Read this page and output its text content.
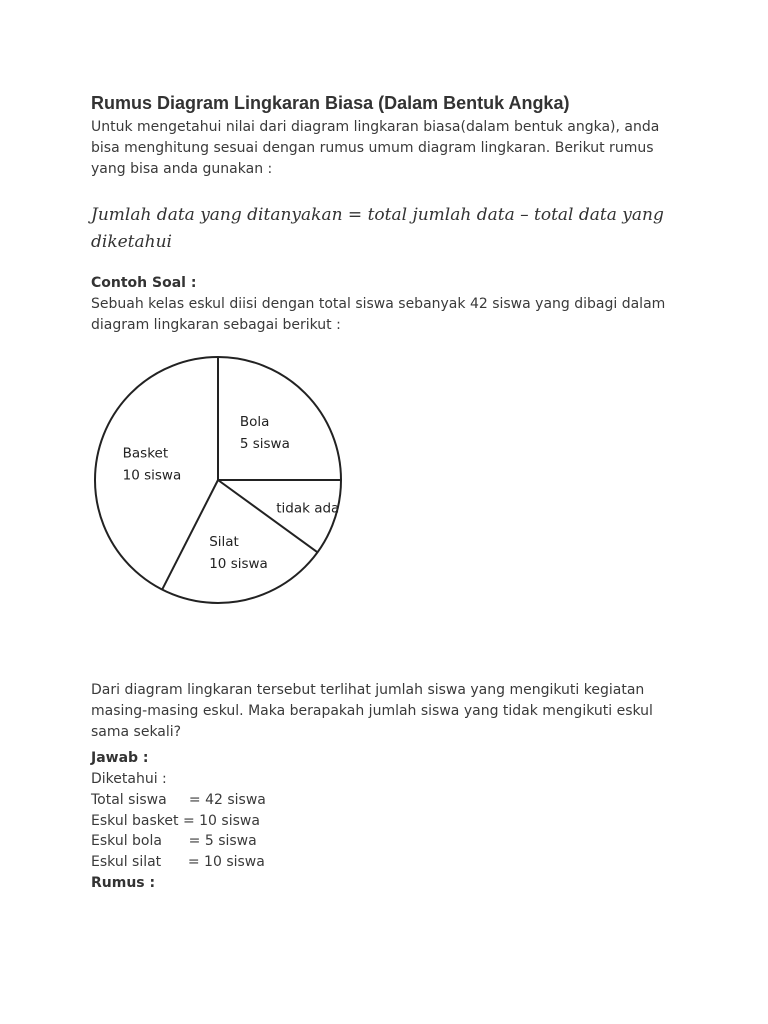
Rumus Diagram Lingkaran Biasa (Dalam Bentuk Angka)

Untuk mengetahui nilai dari diagram lingkaran biasa(dalam bentuk angka), anda bisa menghitung sesuai dengan rumus umum diagram lingkaran. Berikut rumus yang bisa anda gunakan :

Jumlah data yang ditanyakan = total jumlah data – total data yang diketahui

Contoh Soal :

Sebuah kelas eskul diisi dengan total siswa sebanyak 42 siswa yang dibagi dalam diagram lingkaran sebagai berikut :

Bola
5 siswa
tidak ada
Silat
10 siswa
Basket
10 siswa

Dari diagram lingkaran tersebut terlihat jumlah siswa yang mengikuti kegiatan masing-masing eskul. Maka berapakah jumlah siswa yang tidak mengikuti eskul sama sekali?

Jawab :

Diketahui :

Total siswa     = 42 siswa

Eskul basket = 10 siswa

Eskul bola      = 5 siswa

Eskul silat      = 10 siswa

Rumus :
